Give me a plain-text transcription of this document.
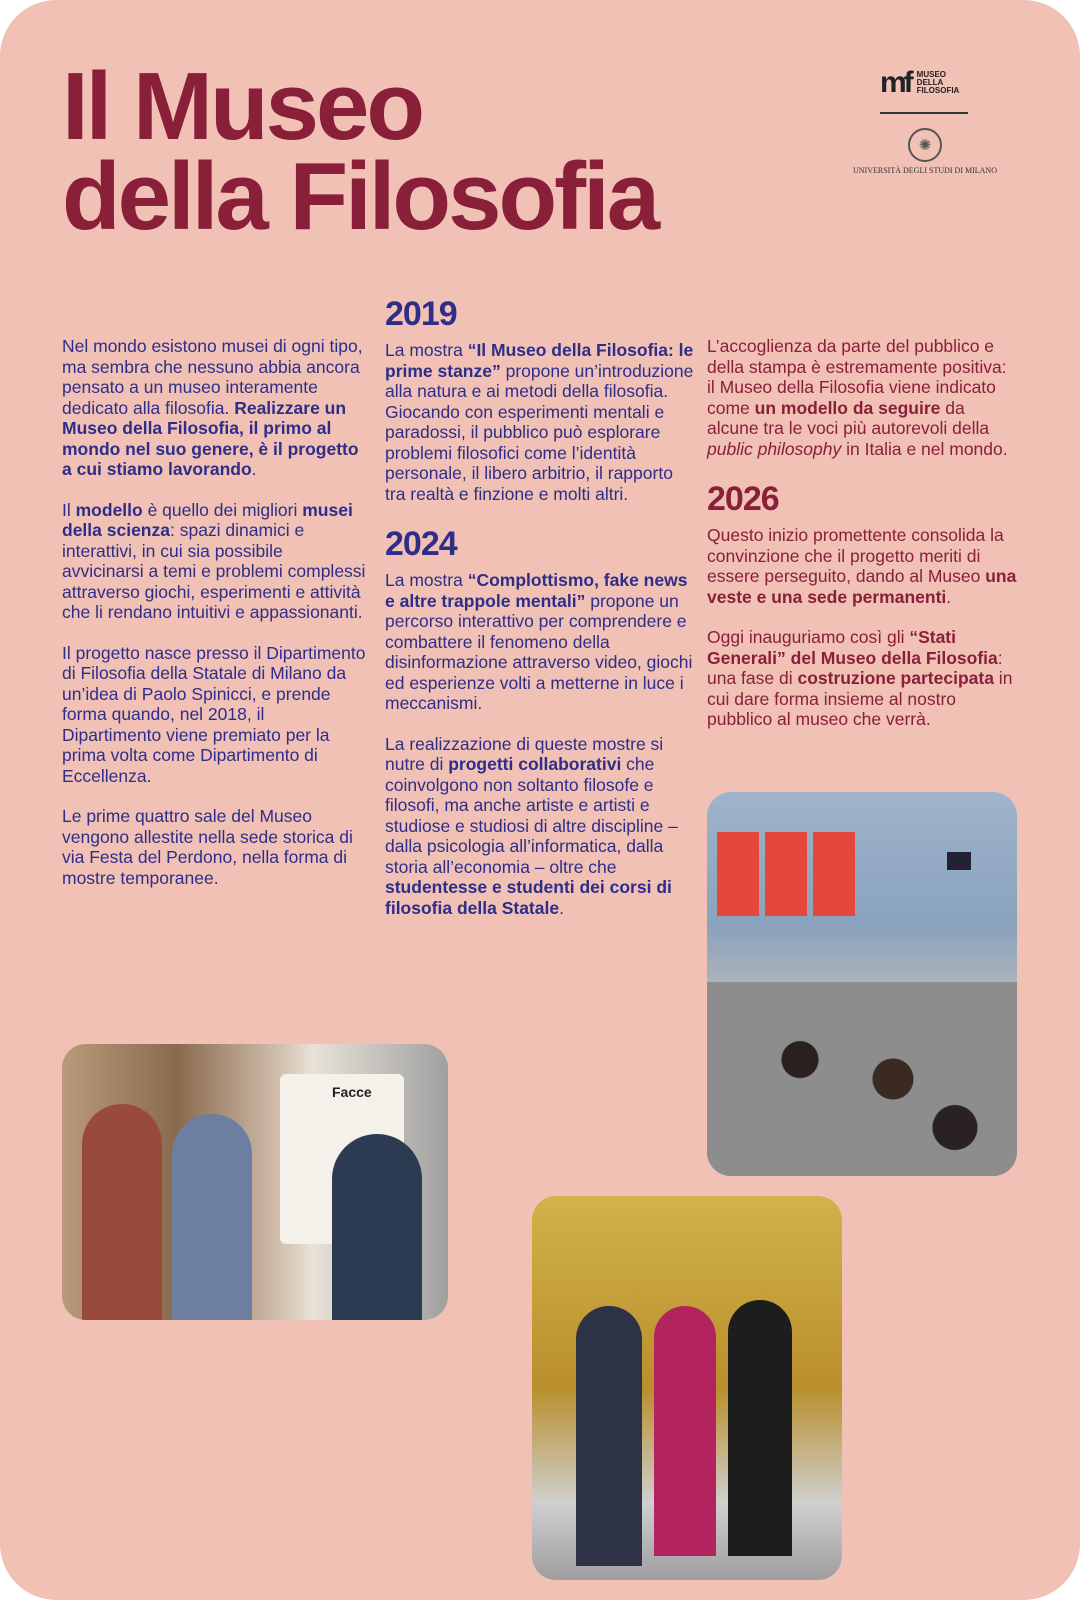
Il Museo
della Filosofia
mf MUSEO
DELLA
FILOSOFIA
✺
UNIVERSITÀ DEGLI STUDI DI MILANO

Nel mondo esistono musei di ogni tipo, ma sembra che nessuno abbia ancora pensato a un museo interamente dedicato alla filosofia. Realizzare un Museo della Filosofia, il primo al mondo nel suo genere, è il progetto a cui stiamo lavorando.

Il modello è quello dei migliori musei della scienza: spazi dinamici e interattivi, in cui sia possibile avvicinarsi a temi e problemi complessi attraverso giochi, esperimenti e attività che li rendano intuitivi e appassionanti.

Il progetto nasce presso il Dipartimento di Filosofia della Statale di Milano da un’idea di Paolo Spinicci, e prende forma quando, nel 2018, il Dipartimento viene premiato per la prima volta come Dipartimento di Eccellenza.

Le prime quattro sale del Museo vengono allestite nella sede storica di via Festa del Perdono, nella forma di mostre temporanee.

2019

La mostra “Il Museo della Filosofia: le prime stanze” propone un’introduzione alla natura e ai metodi della filosofia. Giocando con esperimenti mentali e paradossi, il pubblico può esplorare problemi filosofici come l’identità personale, il libero arbitrio, il rapporto tra realtà e finzione e molti altri.

2024

La mostra “Complottismo, fake news e altre trappole mentali” propone un percorso interattivo per comprendere e combattere il fenomeno della disinformazione attraverso video, giochi ed esperienze volti a metterne in luce i meccanismi.

La realizzazione di queste mostre si nutre di progetti collaborativi che coinvolgono non soltanto filosofe e filosofi, ma anche artiste e artisti e studiose e studiosi di altre discipline – dalla psicologia all’informatica, dalla storia all’economia – oltre che studentesse e studenti dei corsi di filosofia della Statale.

L’accoglienza da parte del pubblico e della stampa è estremamente positiva: il Museo della Filosofia viene indicato come un modello da seguire da alcune tra le voci più autorevoli della public philosophy in Italia e nel mondo.

2026

Questo inizio promettente consolida la convinzione che il progetto meriti di essere perseguito, dando al Museo una veste e una sede permanenti.

Oggi inauguriamo così gli “Stati Generali” del Museo della Filosofia: una fase di costruzione partecipata in cui dare forma insieme al nostro pubblico al museo che verrà.

Facce
